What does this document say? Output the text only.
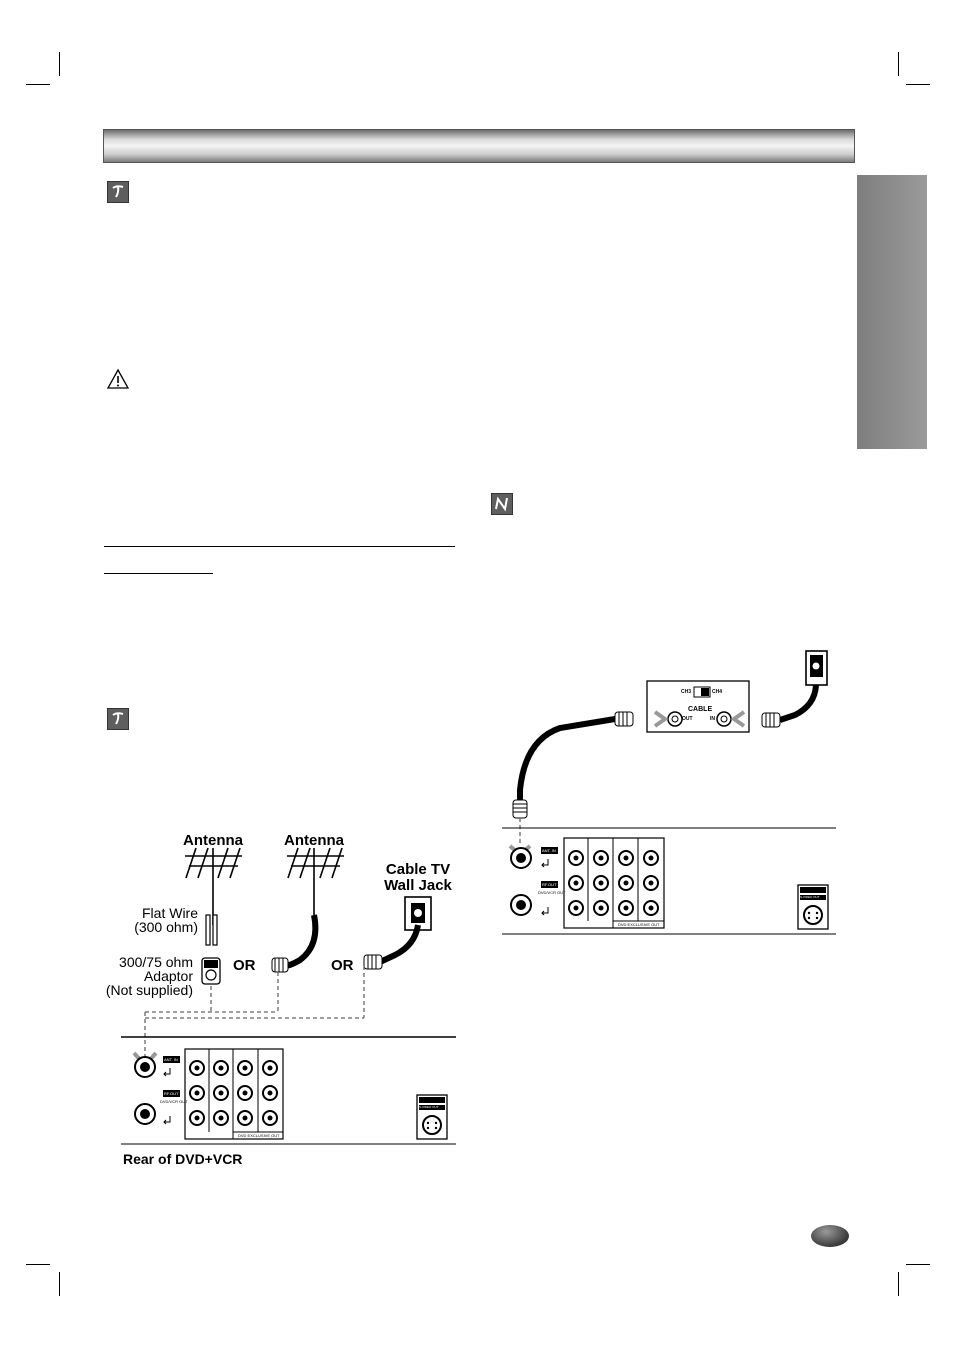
Antenna	Antenna
Cable TV
Wall Jack
Flat Wire
(300 ohm)
300/75 ohm
Adaptor
(Not supplied)
OR	OR
Rear of DVD+VCR
ANT. IN
RF.OUT
DVD/VCR OUT
DVD EXCLUSIVE OUT
S-VIDEO OUT
CH3	CH4
CABLE
OUT	IN
ANT. IN
RF.OUT
DVD/VCR OUT
DVD EXCLUSIVE OUT
S-VIDEO OUT
